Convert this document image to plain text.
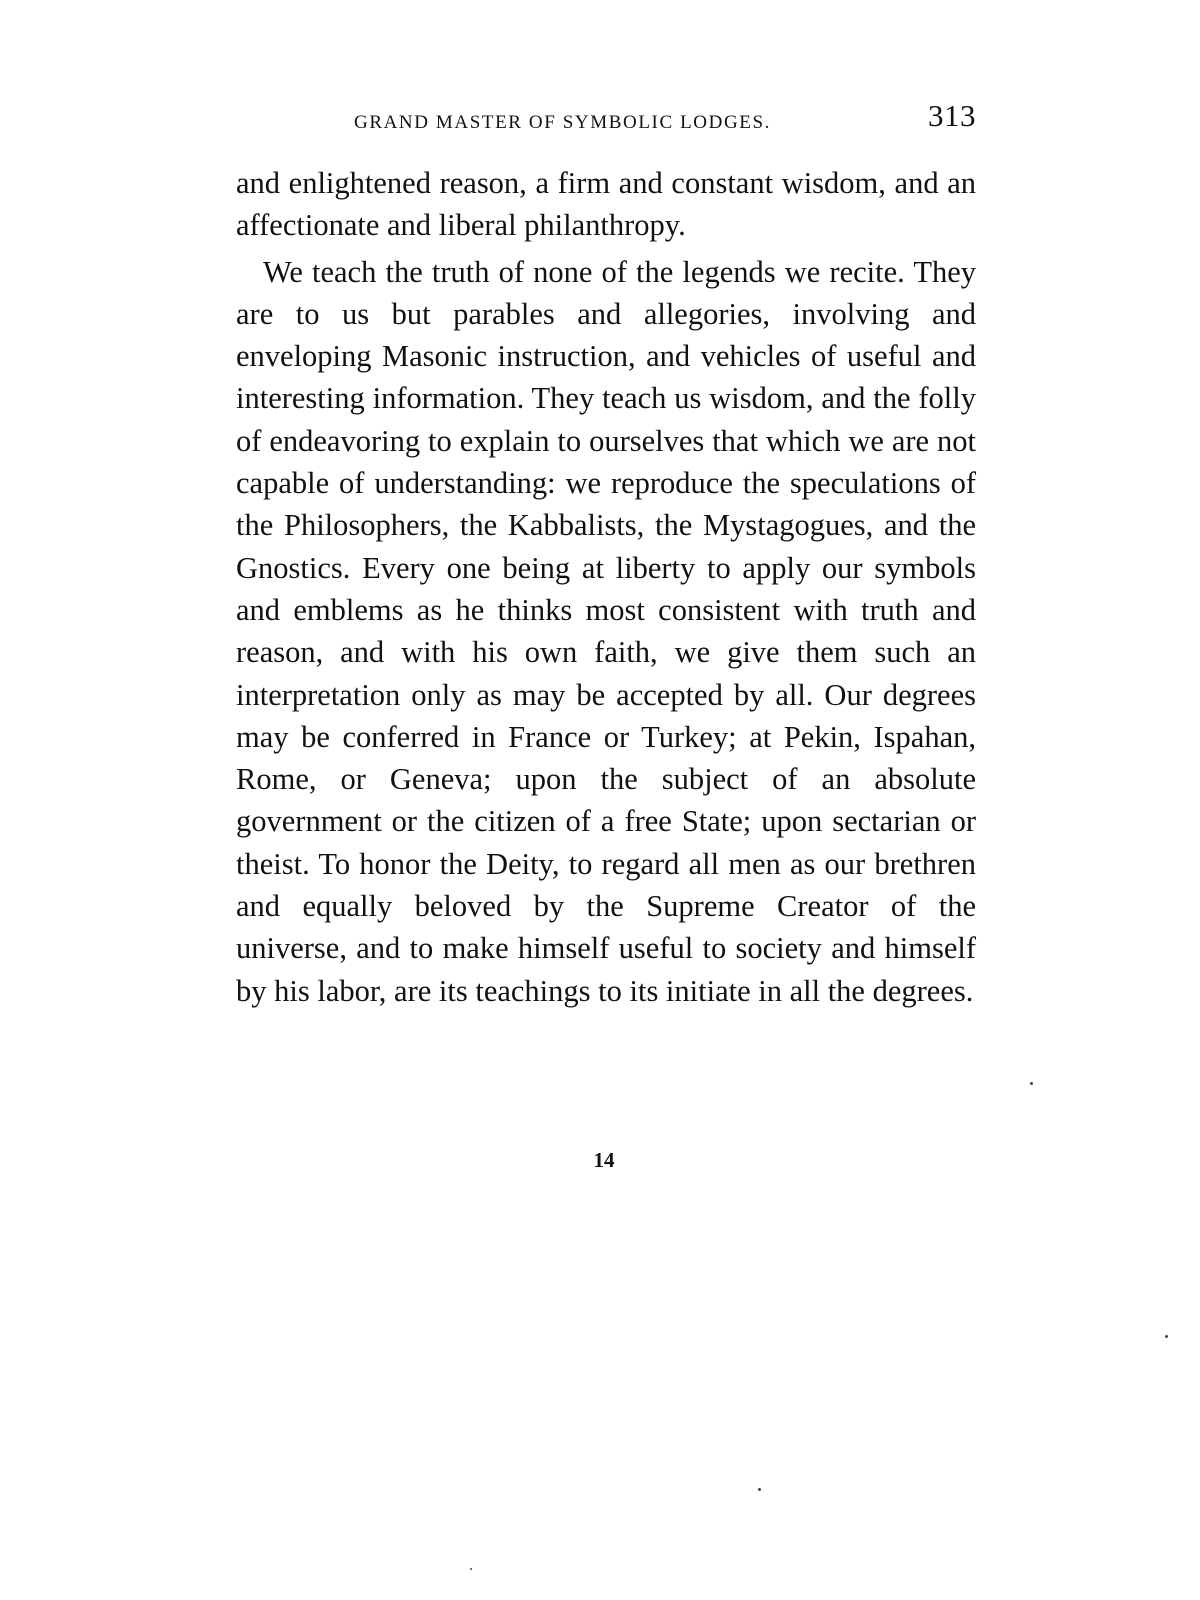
GRAND MASTER OF SYMBOLIC LODGES.	313

and enlightened reason, a firm and constant wisdom, and an affectionate and liberal philanthropy.

We teach the truth of none of the legends we recite. They are to us but parables and allegories, involving and enveloping Masonic instruction, and vehicles of useful and interesting information. They teach us wisdom, and the folly of endeavoring to explain to ourselves that which we are not capable of understanding: we reproduce the speculations of the Philosophers, the Kabbalists, the Mystagogues, and the Gnostics. Every one being at liberty to apply our symbols and emblems as he thinks most consistent with truth and reason, and with his own faith, we give them such an interpretation only as may be accepted by all. Our degrees may be conferred in France or Turkey; at Pekin, Ispahan, Rome, or Geneva; upon the subject of an absolute government or the citizen of a free State; upon sectarian or theist. To honor the Deity, to regard all men as our brethren and equally beloved by the Supreme Creator of the universe, and to make himself useful to society and himself by his labor, are its teachings to its initiate in all the degrees.

14
